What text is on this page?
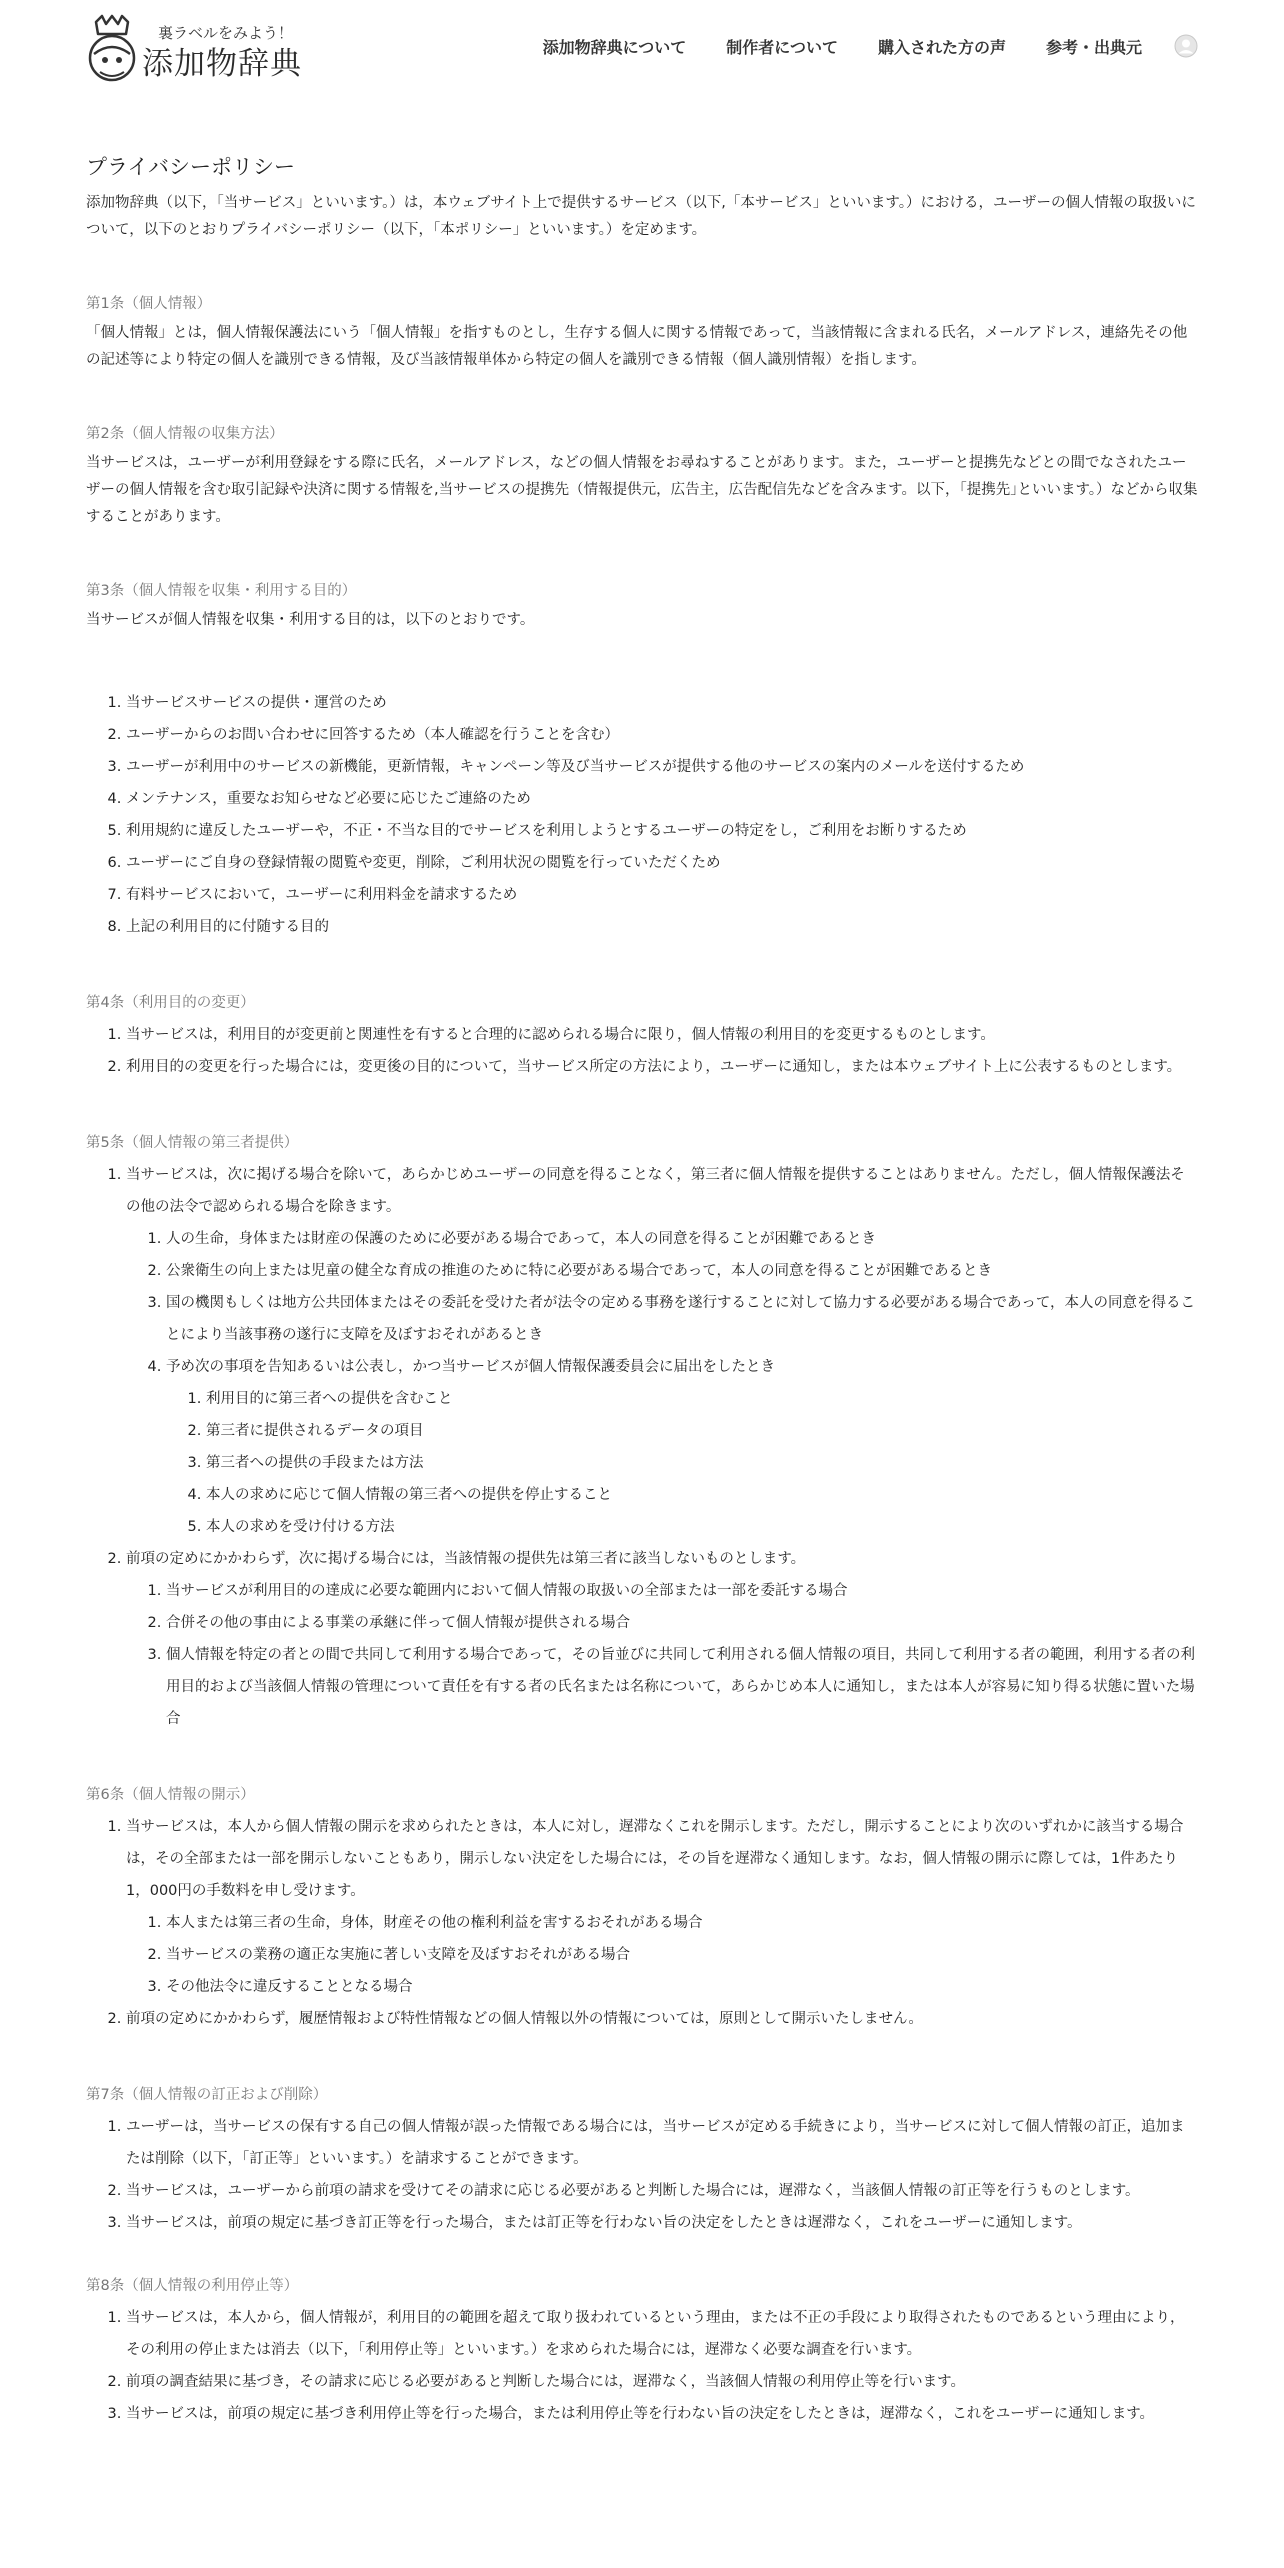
裏ラベルをみよう！
添加物辞典	添加物辞典について	制作者について	購入された方の声	参考・出典元
プライバシーポリシー

添加物辞典（以下，「当サービス」といいます。）は，本ウェブサイト上で提供するサービス（以下,「本サービス」といいます。）における，ユーザーの個人情報の取扱いについて，以下のとおりプライバシーポリシー（以下，「本ポリシー」といいます。）を定めます。

第1条（個人情報）

「個人情報」とは，個人情報保護法にいう「個人情報」を指すものとし，生存する個人に関する情報であって，当該情報に含まれる氏名，メールアドレス，連絡先その他の記述等により特定の個人を識別できる情報，及び当該情報単体から特定の個人を識別できる情報（個人識別情報）を指します。

第2条（個人情報の収集方法）

当サービスは，ユーザーが利用登録をする際に氏名，メールアドレス，などの個人情報をお尋ねすることがあります。また，ユーザーと提携先などとの間でなされたユーザーの個人情報を含む取引記録や決済に関する情報を,当サービスの提携先（情報提供元，広告主，広告配信先などを含みます。以下，｢提携先｣といいます。）などから収集することがあります。

第3条（個人情報を収集・利用する目的）

当サービスが個人情報を収集・利用する目的は，以下のとおりです。

1. 当サービスサービスの提供・運営のため
2. ユーザーからのお問い合わせに回答するため（本人確認を行うことを含む）
3. ユーザーが利用中のサービスの新機能，更新情報，キャンペーン等及び当サービスが提供する他のサービスの案内のメールを送付するため
4. メンテナンス，重要なお知らせなど必要に応じたご連絡のため
5. 利用規約に違反したユーザーや，不正・不当な目的でサービスを利用しようとするユーザーの特定をし，ご利用をお断りするため
6. ユーザーにご自身の登録情報の閲覧や変更，削除，ご利用状況の閲覧を行っていただくため
7. 有料サービスにおいて，ユーザーに利用料金を請求するため
8. 上記の利用目的に付随する目的
第4条（利用目的の変更）
1. 当サービスは，利用目的が変更前と関連性を有すると合理的に認められる場合に限り，個人情報の利用目的を変更するものとします。
2. 利用目的の変更を行った場合には，変更後の目的について，当サービス所定の方法により，ユーザーに通知し，または本ウェブサイト上に公表するものとします。
第5条（個人情報の第三者提供）
1. 当サービスは，次に掲げる場合を除いて，あらかじめユーザーの同意を得ることなく，第三者に個人情報を提供することはありません。ただし，個人情報保護法その他の法令で認められる場合を除きます。
1. 人の生命，身体または財産の保護のために必要がある場合であって，本人の同意を得ることが困難であるとき
2. 公衆衛生の向上または児童の健全な育成の推進のために特に必要がある場合であって，本人の同意を得ることが困難であるとき
3. 国の機関もしくは地方公共団体またはその委託を受けた者が法令の定める事務を遂行することに対して協力する必要がある場合であって，本人の同意を得ることにより当該事務の遂行に支障を及ぼすおそれがあるとき
4. 予め次の事項を告知あるいは公表し，かつ当サービスが個人情報保護委員会に届出をしたとき
1. 利用目的に第三者への提供を含むこと
2. 第三者に提供されるデータの項目
3. 第三者への提供の手段または方法
4. 本人の求めに応じて個人情報の第三者への提供を停止すること
5. 本人の求めを受け付ける方法
2. 前項の定めにかかわらず，次に掲げる場合には，当該情報の提供先は第三者に該当しないものとします。
1. 当サービスが利用目的の達成に必要な範囲内において個人情報の取扱いの全部または一部を委託する場合
2. 合併その他の事由による事業の承継に伴って個人情報が提供される場合
3. 個人情報を特定の者との間で共同して利用する場合であって，その旨並びに共同して利用される個人情報の項目，共同して利用する者の範囲，利用する者の利用目的および当該個人情報の管理について責任を有する者の氏名または名称について，あらかじめ本人に通知し，または本人が容易に知り得る状態に置いた場合
第6条（個人情報の開示）
1. 当サービスは，本人から個人情報の開示を求められたときは，本人に対し，遅滞なくこれを開示します。ただし，開示することにより次のいずれかに該当する場合は，その全部または一部を開示しないこともあり，開示しない決定をした場合には，その旨を遅滞なく通知します。なお，個人情報の開示に際しては，1件あたり1，000円の手数料を申し受けます。
1. 本人または第三者の生命，身体，財産その他の権利利益を害するおそれがある場合
2. 当サービスの業務の適正な実施に著しい支障を及ぼすおそれがある場合
3. その他法令に違反することとなる場合
2. 前項の定めにかかわらず，履歴情報および特性情報などの個人情報以外の情報については，原則として開示いたしません。
第7条（個人情報の訂正および削除）
1. ユーザーは，当サービスの保有する自己の個人情報が誤った情報である場合には，当サービスが定める手続きにより，当サービスに対して個人情報の訂正，追加または削除（以下，「訂正等」といいます。）を請求することができます。
2. 当サービスは，ユーザーから前項の請求を受けてその請求に応じる必要があると判断した場合には，遅滞なく，当該個人情報の訂正等を行うものとします。
3. 当サービスは，前項の規定に基づき訂正等を行った場合，または訂正等を行わない旨の決定をしたときは遅滞なく，これをユーザーに通知します。
第8条（個人情報の利用停止等）
1. 当サービスは，本人から，個人情報が，利用目的の範囲を超えて取り扱われているという理由，または不正の手段により取得されたものであるという理由により，その利用の停止または消去（以下，「利用停止等」といいます。）を求められた場合には，遅滞なく必要な調査を行います。
2. 前項の調査結果に基づき，その請求に応じる必要があると判断した場合には，遅滞なく，当該個人情報の利用停止等を行います。
3. 当サービスは，前項の規定に基づき利用停止等を行った場合，または利用停止等を行わない旨の決定をしたときは，遅滞なく，これをユーザーに通知します。
